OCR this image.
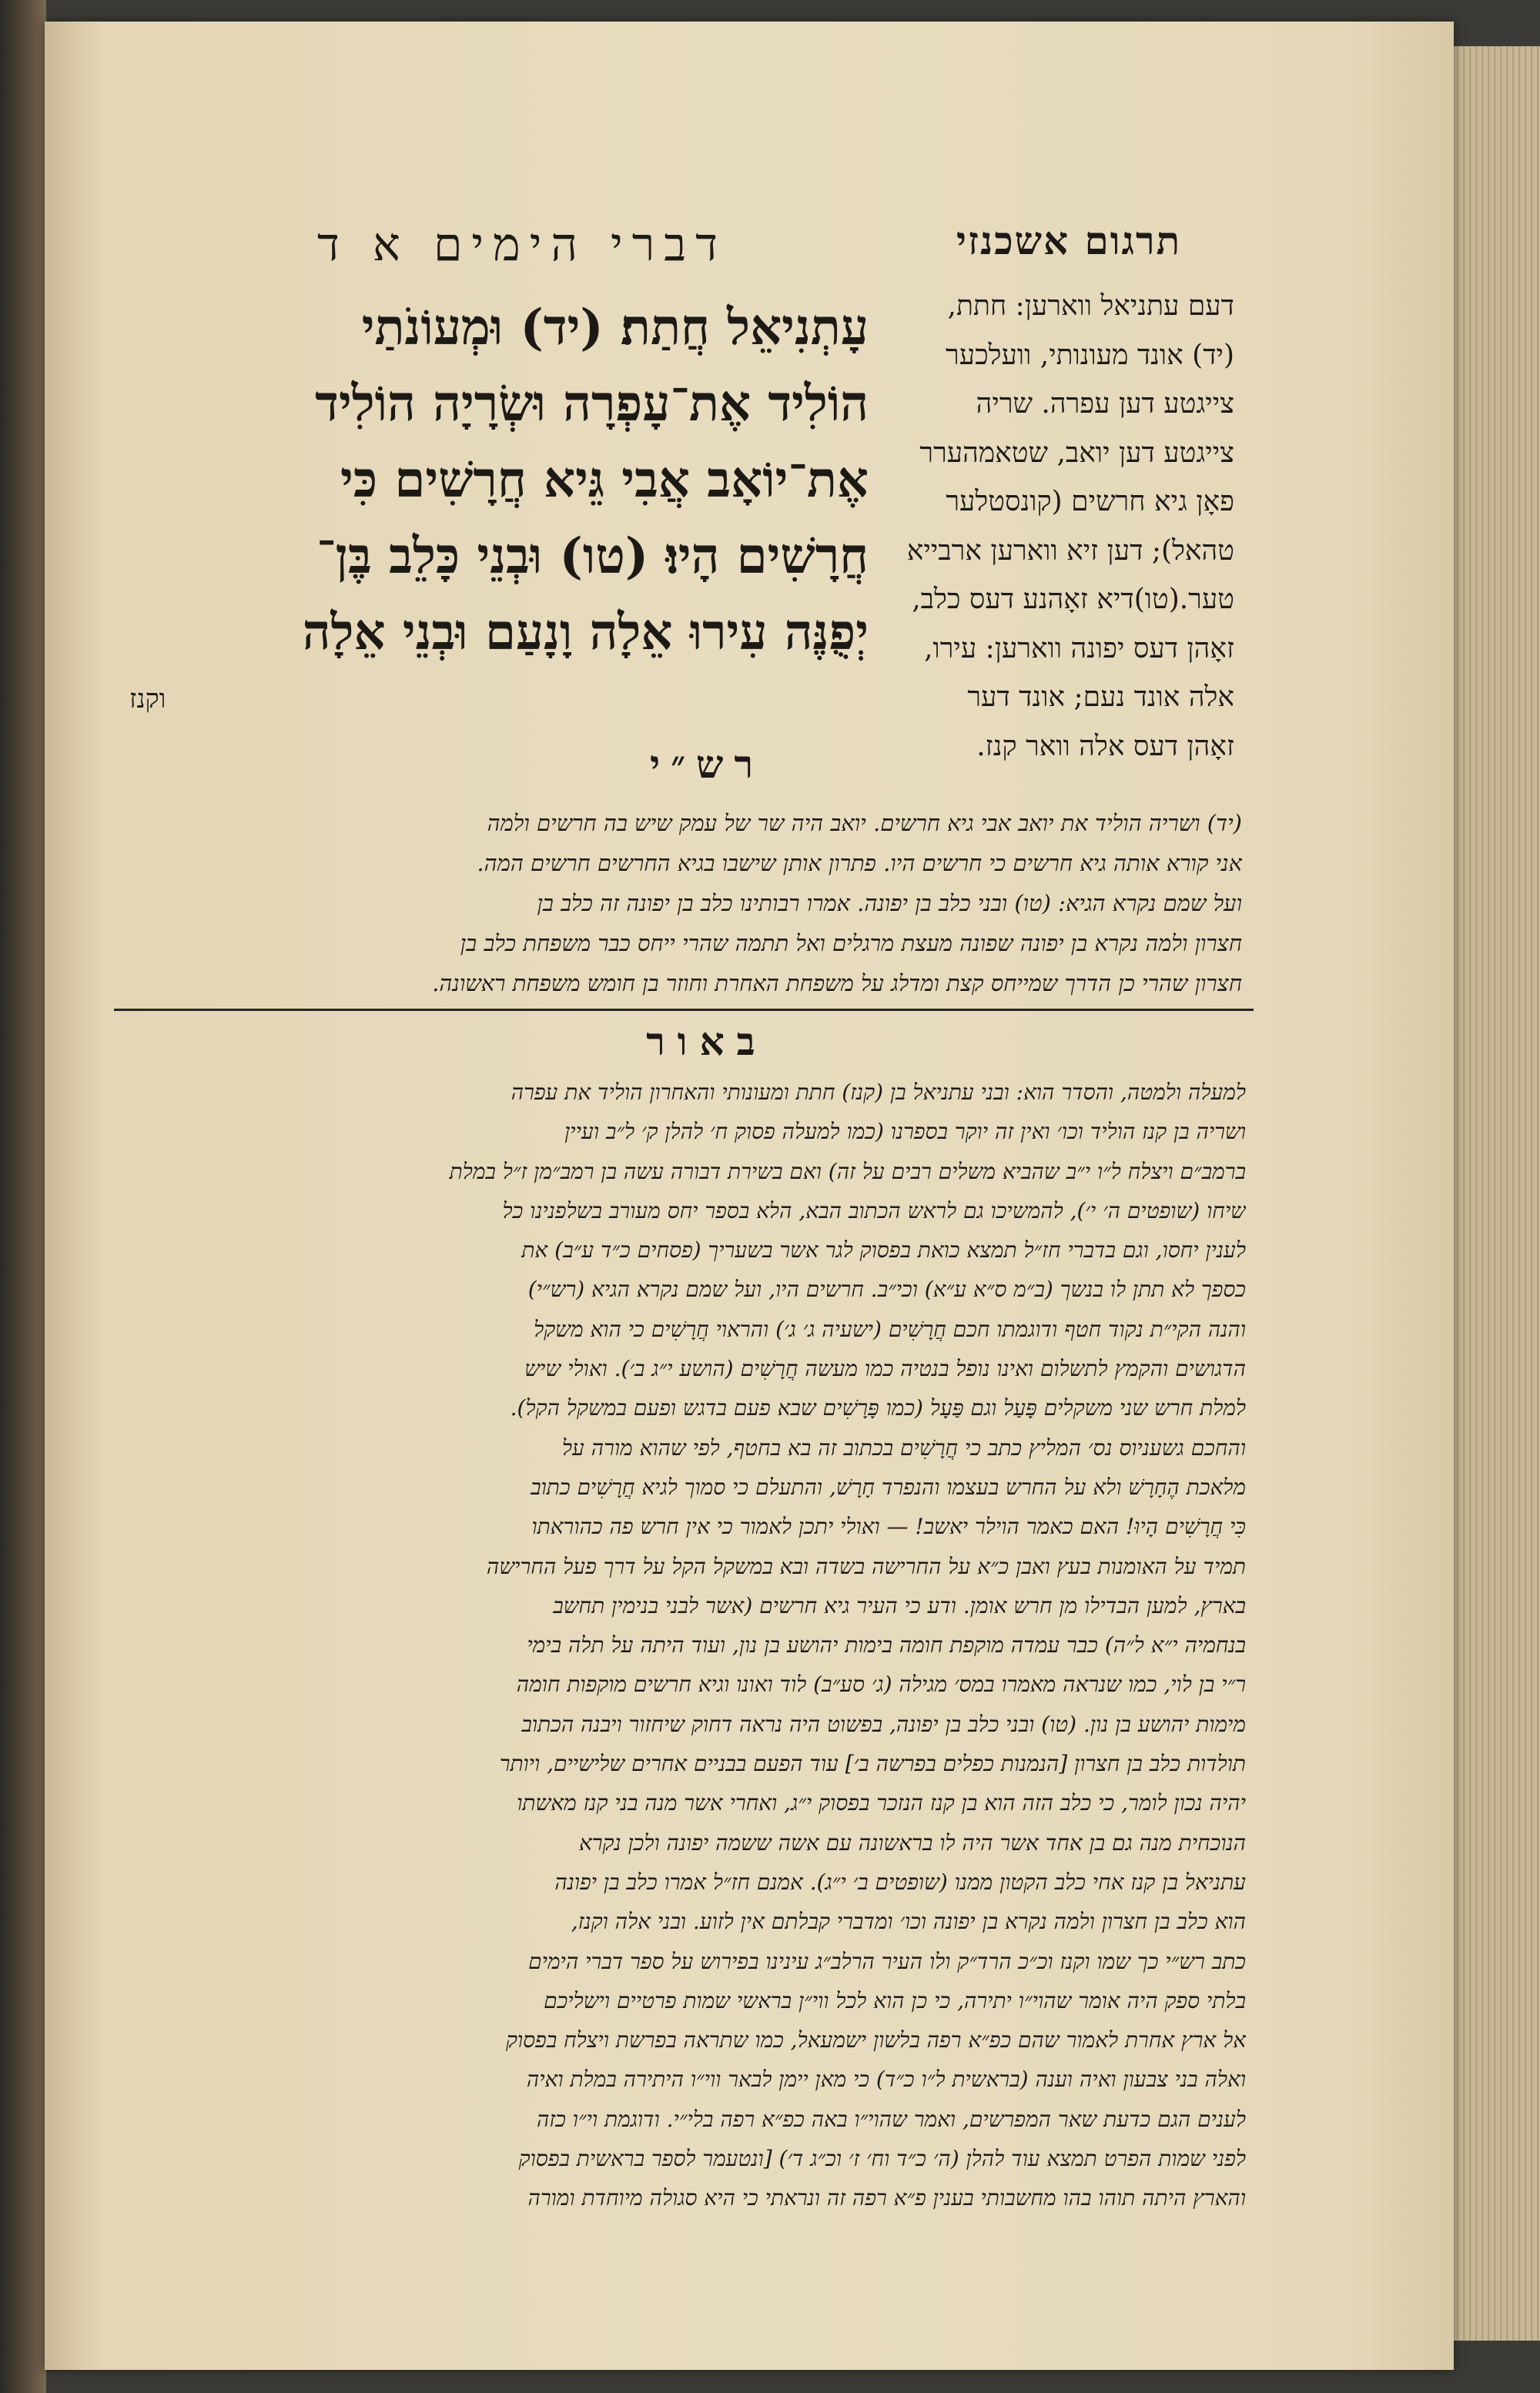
דברי הימים א ד	תרגום אשכנזי
עָתְנִיאֵל חֲתַת׃ (יד) וּמְעוֹנֹתַי
הוֹלִיד אֶת־עָפְרָה וּשְׂרָיָה הוֹלִיד
אֶת־יוֹאָב אֲבִי גֵּיא חֲרָשִׁים כִּי
חֲרָשִׁים הָיוּ׃ (טו) וּבְנֵי כָּלֵב בֶּן־
יְפֻנֶּה עִירוּ אֵלָה וָנָעַם וּבְנֵי אֵלָה
וקנז
דעם עתניאל ווארען: חתת,
(יד) אונד מעונותי, וועלכער
צייגטע דען עפרה. שריה
צייגטע דען יואב, שטאמהערר
פאָן גיא חרשים (קונסטלער
טהאל); דען זיא ווארען ארבייא
טער.(טו)דיא זאָהנע דעס כלב,
זאָהן דעס יפונה ווארען: עירו,
אלה אונד נעם; אונד דער
זאָהן דעס אלה וואר קנז.
רש״י
(יד) ושריה הוליד את יואב אבי גיא חרשים. יואב היה שר של עמק שיש בה חרשים ולמה
אני קורא אותה גיא חרשים כי חרשים היו. פתרון אותן שישבו בגיא החרשים חרשים המה.
ועל שמם נקרא הגיא: (טו) ובני כלב בן יפונה. אמרו רבותינו כלב בן יפונה זה כלב בן
חצרון ולמה נקרא בן יפונה שפונה מעצת מרגלים ואל תתמה שהרי ייחס כבר משפחת כלב בן
חצרון שהרי כן הדרך שמייחס קצת ומדלג על משפחת האחרת וחוזר בן חומש משפחת ראשונה.
באור
למעלה ולמטה, והסדר הוא: ובני עתניאל בן (קנז) חתת ומעונותי והאחרון הוליד את עפרה
ושריה בן קנז הוליד וכו׳ ואין זה יוקר בספרנו (כמו למעלה פסוק ח׳ להלן ק׳ ל״ב ועיין
ברמב״ם ויצלח ל״ו י״ב שהביא משלים רבים על זה) ואם בשירת דבורה עשה בן רמב״מן ז״ל במלת
שיחו (שופטים ה׳ י׳), להמשיכו גם לראש הכתוב הבא, הלא בספר יחס מעורב בשלפנינו כל
לענין יחסו, וגם בדברי חז״ל תמצא כואת בפסוק לגר אשר בשעריך (פסחים כ״ד ע״ב) את
כספך לא תתן לו בנשך (ב״מ ס״א ע״א) וכי״ב. חרשים היו, ועל שמם נקרא הגיא (רש״י)
והנה הקי״ת נקוד חטף ודוגמתו חכם חֲרָשִׁים (ישעיה ג׳ ג׳) והראוי חֲרָשִׁים כי הוא משקל
הדגושים והקמץ לתשלום ואינו נופל בנטיה כמו מעשה חֲרָשִׁים (הושע י״ג ב׳). ואולי שיש
למלת חרש שני משקלים פָּעַל וגם פַּעָל (כמו פָּרָשִׁים שבא פעם בדגש ופעם במשקל הקל).
והחכם גשעניוס נס׳ המליץ כתב כי חֲרָשִׁים בכתוב זה בא בחטף, לפי שהוא מורה על
מלאכת הֶחָרָשׁ ולא על החרש בעצמו והנפרד חָרָשׁ, והתעלם כי סמוך לגיא חֲרָשִׁים כתוב
כִּי חֲרָשִׁים הָיוּ! האם כאמר הוילר יאשב! — ואולי יתכן לאמור כי אין חרש פה כהוראתו
תמיד על האומנות בעץ ואבן כ״א על החרישה בשדה ובא במשקל הקל על דרך פעל החרישה
בארץ, למען הבדילו מן חרש אומן. ודע כי העיר גיא חרשים (אשר לבני בנימין תחשב
בנחמיה י״א ל״ה) כבר עמדה מוקפת חומה בימות יהושע בן נון, ועוד היתה על תלה בימי
ר״י בן לוי, כמו שנראה מאמרו במס׳ מגילה (ג׳ סע״ב) לוד ואונו וגיא חרשים מוקפות חומה
מימות יהושע בן נון. (טו) ובני כלב בן יפונה, בפשוט היה נראה דחוק שיחזור ויבנה הכתוב
תולדות כלב בן חצרון [הנמנות כפלים בפרשה ב׳] עוד הפעם בבניים אחרים שלישיים, ויותר
יהיה נכון לומר, כי כלב הזה הוא בן קנז הנזכר בפסוק י״ג, ואחרי אשר מנה בני קנז מאשתו
הנוכחית מנה גם בן אחד אשר היה לו בראשונה עם אשה ששמה יפונה ולכן נקרא
עתניאל בן קנז אחי כלב הקטון ממנו (שופטים ב׳ י״ג). אמנם חז״ל אמרו כלב בן יפונה
הוא כלב בן חצרון ולמה נקרא בן יפונה וכו׳ ומדברי קבלתם אין לזוע. ובני אלה וקנז,
כתב רש״י כך שמו וקנז וכ״כ הרד״ק ולו העיר הרלב״ג עינינו בפירוש על ספר דברי הימים
בלתי ספק היה אומר שהוי״ו יתירה, כי כן הוא לכל ווי״ן בראשי שמות פרטיים וישליכם
אל ארץ אחרת לאמור שהם כפ״א רפה בלשון ישמעאל, כמו שתראה בפרשת ויצלח בפסוק
ואלה בני צבעון ואיה וענה (בראשית ל״ו כ״ד) כי מאן יימן לבאר ווי״ו היתירה במלת ואיה
לענים הגם כדעת שאר המפרשים, ואמר שהוי״ו באה כפ״א רפה בלי״י. ודוגמת וי״ו כזה
לפני שמות הפרט תמצא עוד להלן (ה׳ כ״ד וח׳ ז׳ וכ״ג ד׳) [ונטעמר לספר בראשית בפסוק
והארץ היתה תוהו בהו מחשבותי בענין פ״א רפה זה ונראתי כי היא סגולה מיוחדת ומורה
